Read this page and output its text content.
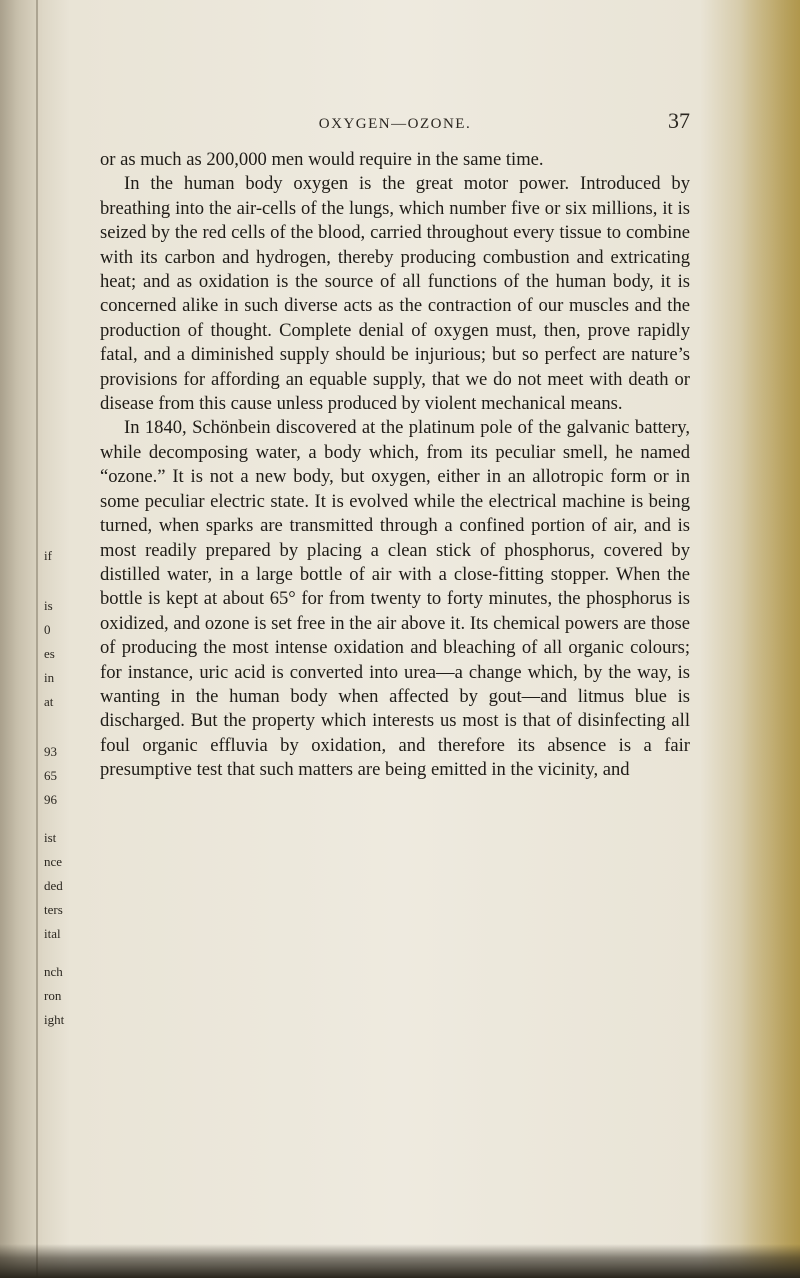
if
is
0
es
in
at
93
65
96
ist
nce
ded
ters
ital
nch
ron
ight
OXYGEN—OZONE.	37

or as much as 200,000 men would require in the same time.

In the human body oxygen is the great motor power. Introduced by breathing into the air-cells of the lungs, which number five or six millions, it is seized by the red cells of the blood, carried throughout every tissue to combine with its carbon and hydrogen, thereby producing combustion and extricating heat; and as oxidation is the source of all functions of the human body, it is concerned alike in such diverse acts as the contraction of our muscles and the production of thought. Complete denial of oxygen must, then, prove rapidly fatal, and a diminished supply should be injurious; but so perfect are nature’s provisions for affording an equable supply, that we do not meet with death or disease from this cause unless produced by violent mechanical means.

In 1840, Schönbein discovered at the platinum pole of the galvanic battery, while decomposing water, a body which, from its peculiar smell, he named “ozone.” It is not a new body, but oxygen, either in an allotropic form or in some peculiar electric state. It is evolved while the electrical machine is being turned, when sparks are transmitted through a confined portion of air, and is most readily prepared by placing a clean stick of phosphorus, covered by distilled water, in a large bottle of air with a close-fitting stopper. When the bottle is kept at about 65° for from twenty to forty minutes, the phosphorus is oxidized, and ozone is set free in the air above it. Its chemical powers are those of producing the most intense oxidation and bleaching of all organic colours; for instance, uric acid is converted into urea—a change which, by the way, is wanting in the human body when affected by gout—and litmus blue is discharged. But the property which interests us most is that of disinfecting all foul organic effluvia by oxidation, and therefore its absence is a fair presumptive test that such matters are being emitted in the vicinity, and
